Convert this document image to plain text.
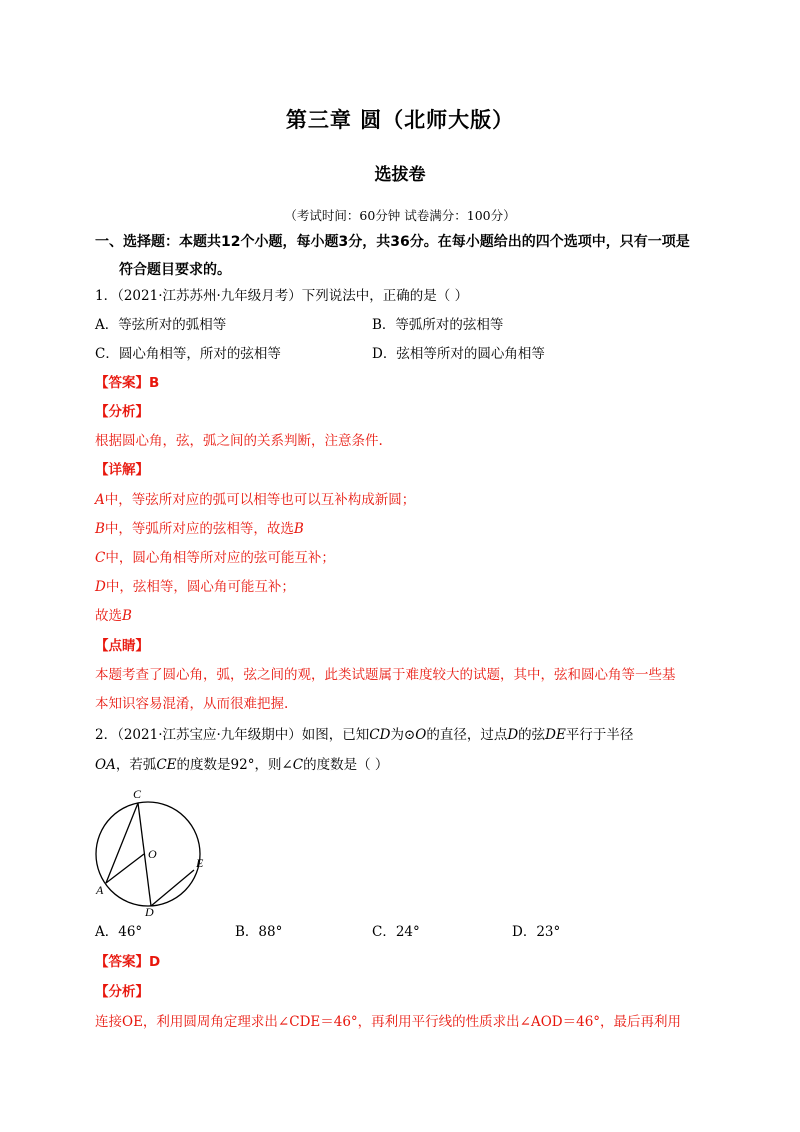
第三章 圆（北师大版）
选拔卷
（考试时间：60分钟 试卷满分：100分）
一、选择题：本题共12个小题，每小题3分，共36分。在每小题给出的四个选项中，只有一项是
符合题目要求的。
1．（2021·江苏苏州·九年级月考）下列说法中，正确的是（ ）
A．等弦所对的弧相等	B．等弧所对的弦相等
C．圆心角相等，所对的弦相等	D．弦相等所对的圆心角相等
【答案】B
【分析】
根据圆心角，弦，弧之间的关系判断，注意条件.
【详解】
A中，等弦所对应的弧可以相等也可以互补构成新圆；
B中，等弧所对应的弦相等，故选B
C中，圆心角相等所对应的弦可能互补；
D中，弦相等，圆心角可能互补；
故选B
【点睛】
本题考查了圆心角，弧，弦之间的观，此类试题属于难度较大的试题，其中，弦和圆心角等一些基
本知识容易混淆，从而很难把握.
2．（2021·江苏宝应·九年级期中）如图，已知CD为⊙O的直径，过点D的弦DE平行于半径
OA，若弧CE的度数是92°，则∠C的度数是（ ）
C
O
E
A
D
A．46°	B．88°	C．24°	D．23°
【答案】D
【分析】
连接OE，利用圆周角定理求出∠CDE＝46°，再利用平行线的性质求出∠AOD＝46°，最后再利用
